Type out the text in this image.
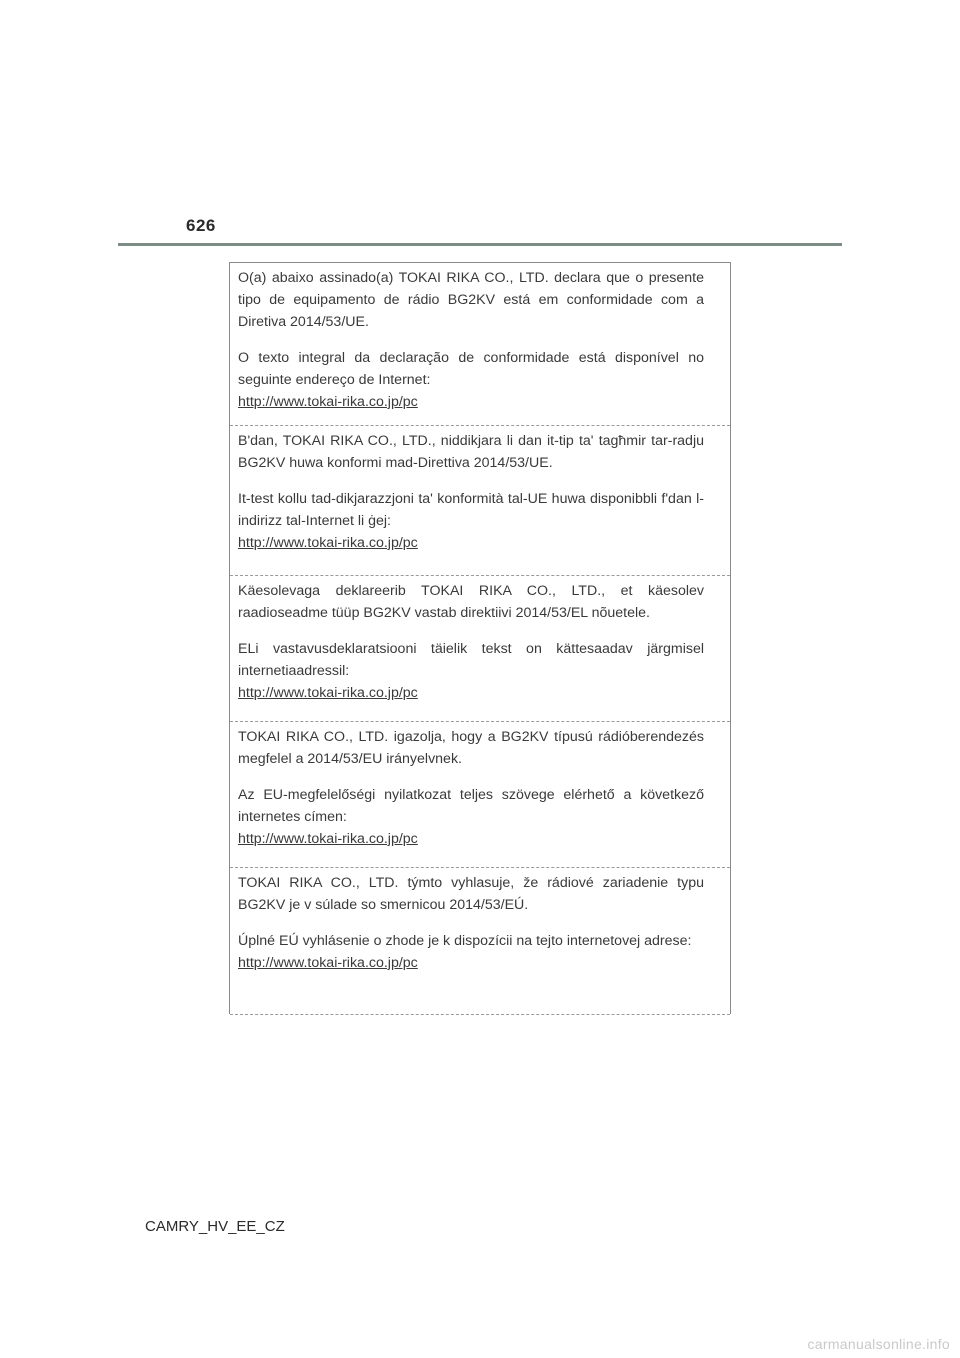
626

O(a) abaixo assinado(a) TOKAI RIKA CO., LTD. declara que o presente tipo de equipamento de rádio BG2KV está em conformidade com a Diretiva 2014/53/UE.

O texto integral da declaração de conformidade está disponível no seguinte endereço de Internet:

http://www.tokai-rika.co.jp/pc

B'dan, TOKAI RIKA CO., LTD., niddikjara li dan it-tip ta' tagħmir tar-radju BG2KV huwa konformi mad-Direttiva 2014/53/UE.

It-test kollu tad-dikjarazzjoni ta' konformità tal-UE huwa disponibbli f'dan l-indirizz tal-Internet li ġej:

http://www.tokai-rika.co.jp/pc

Käesolevaga deklareerib TOKAI RIKA CO., LTD., et käesolev raadioseadme tüüp BG2KV vastab direktiivi 2014/53/EL nõuetele.

ELi vastavusdeklaratsiooni täielik tekst on kättesaadav järgmisel internetiaadressil:

http://www.tokai-rika.co.jp/pc

TOKAI RIKA CO., LTD. igazolja, hogy a BG2KV típusú rádióberendezés megfelel a 2014/53/EU irányelvnek.

Az EU-megfelelőségi nyilatkozat teljes szövege elérhető a következő internetes címen:

http://www.tokai-rika.co.jp/pc

TOKAI RIKA CO., LTD. týmto vyhlasuje, že rádiové zariadenie typu BG2KV je v súlade so smernicou 2014/53/EÚ.

Úplné EÚ vyhlásenie o zhode je k dispozícii na tejto internetovej adrese:

http://www.tokai-rika.co.jp/pc
CAMRY_HV_EE_CZ
carmanualsonline.info
